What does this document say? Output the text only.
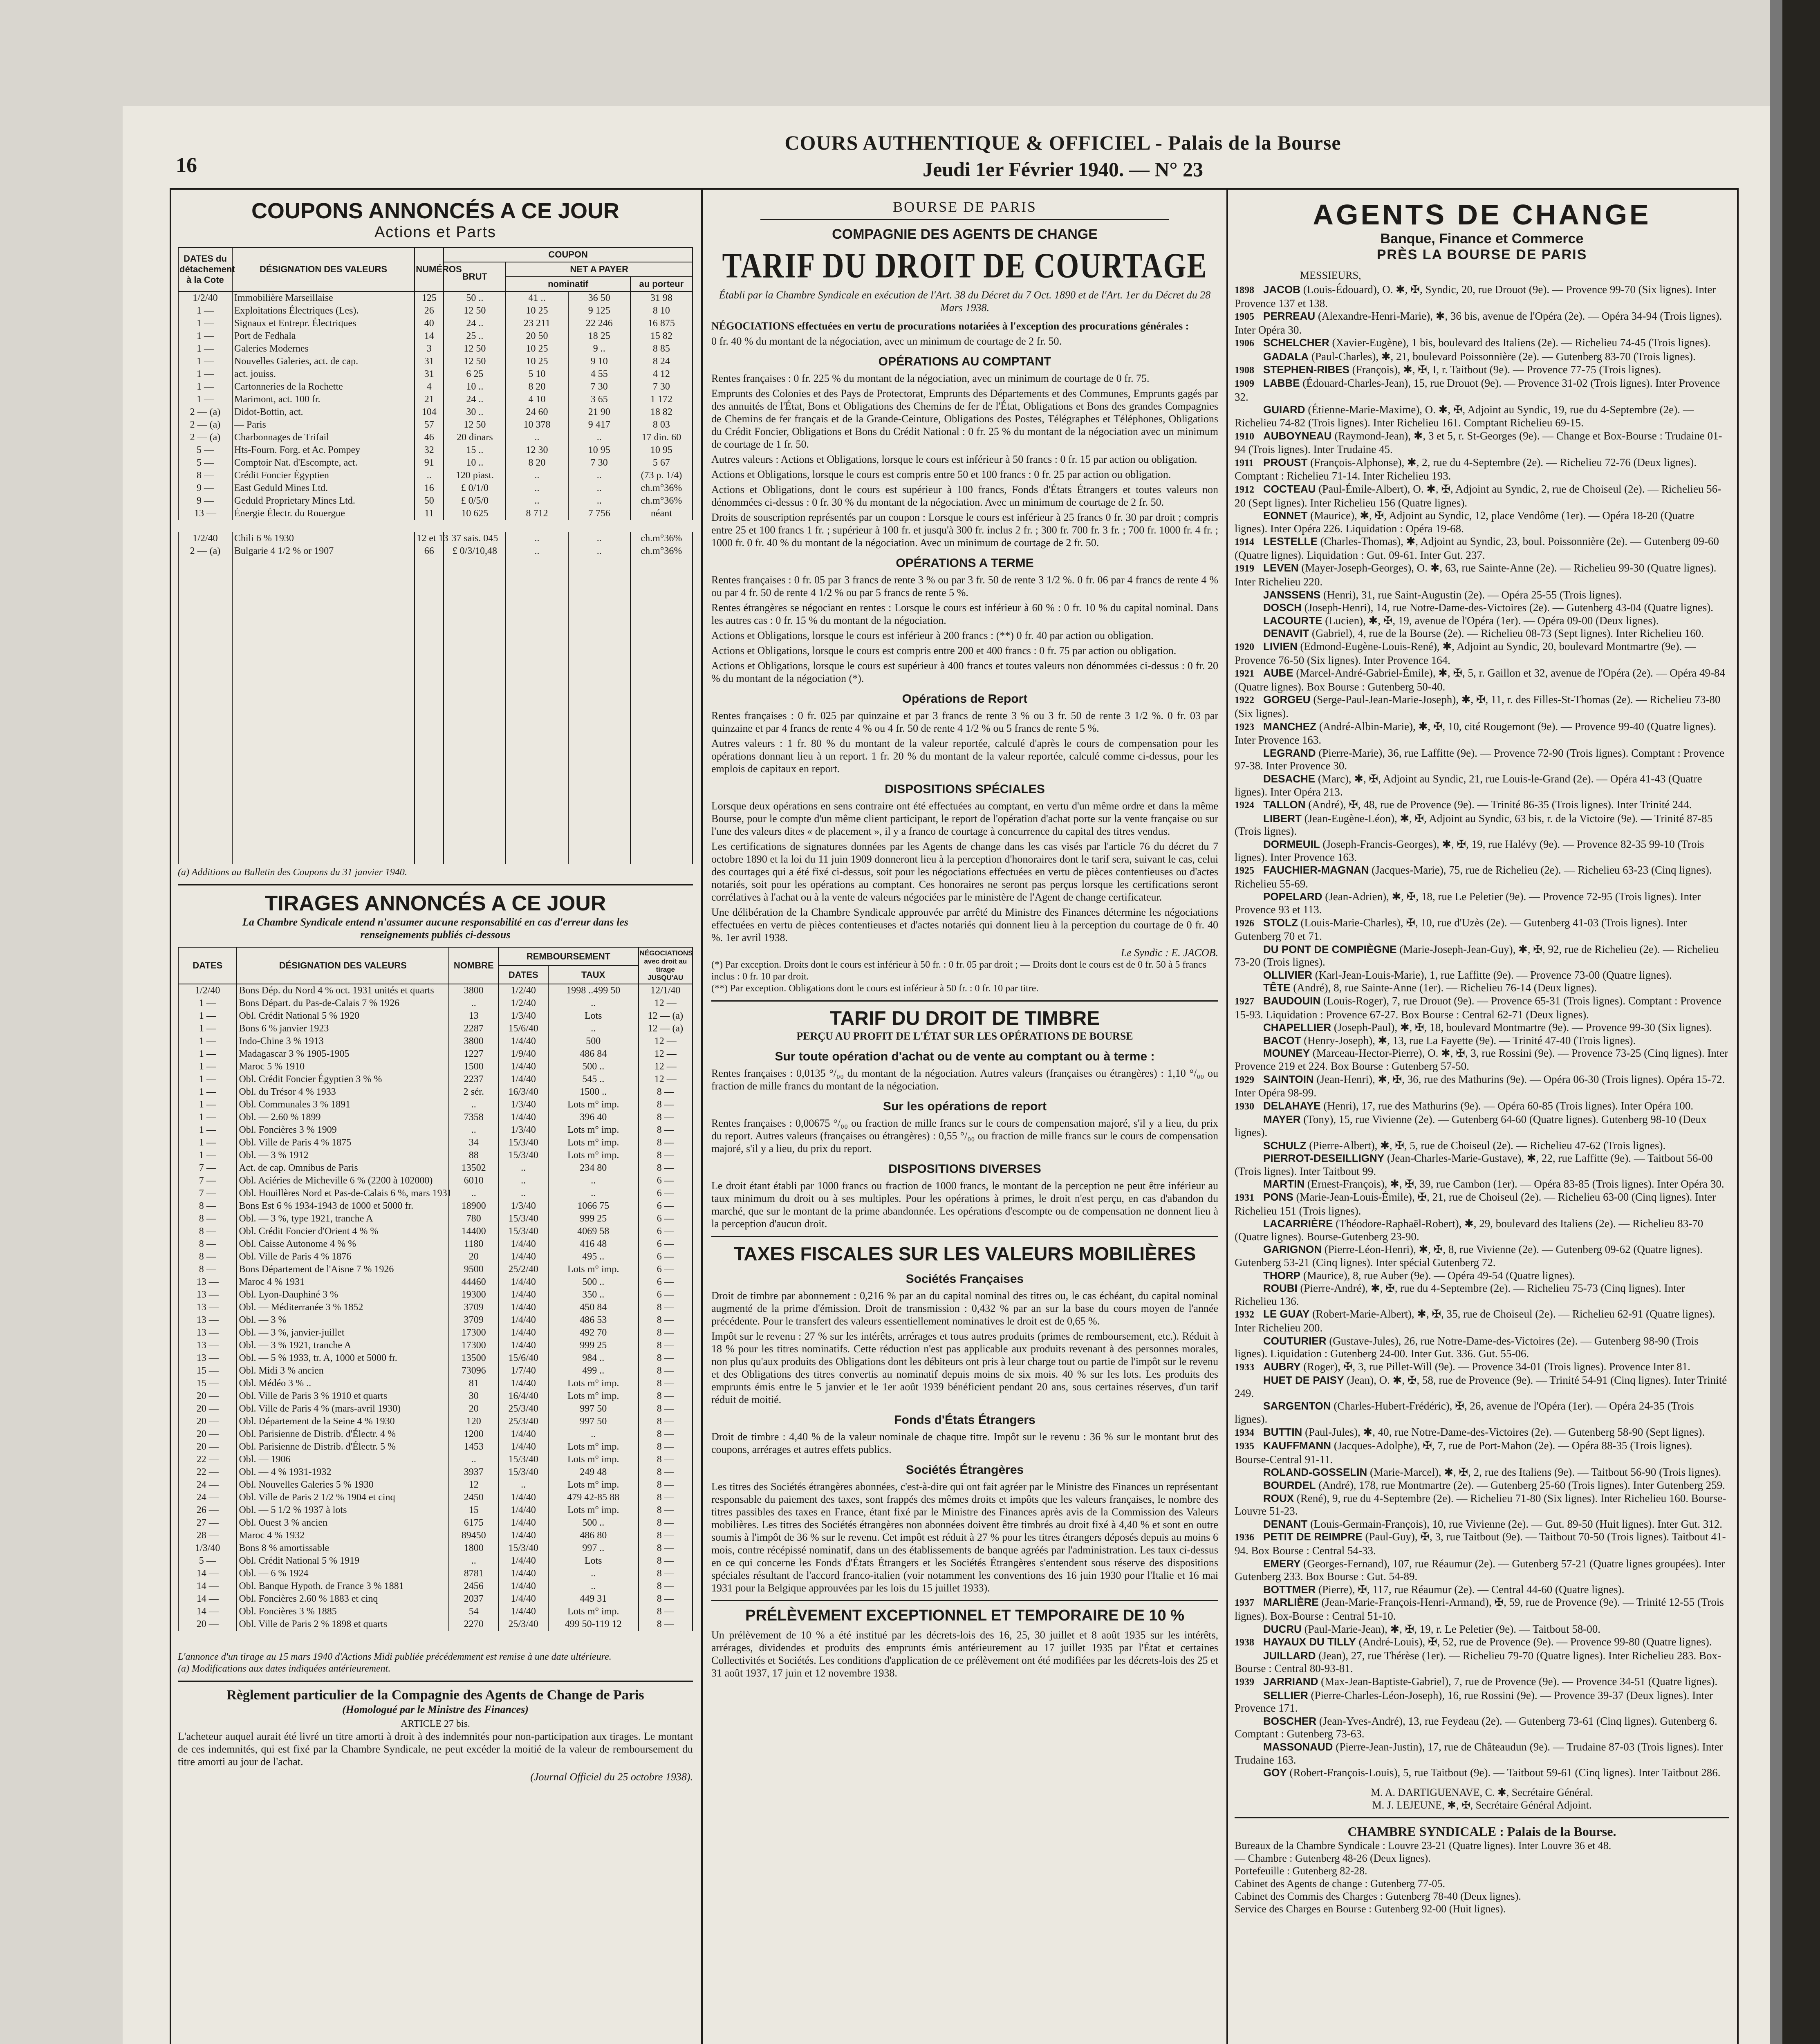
16
COURS AUTHENTIQUE & OFFICIEL - Palais de la Bourse
Jeudi 1er Février 1940. — N° 23
COUPONS ANNONCÉS A CE JOUR
Actions et Parts
DATES du détachement à la Cote	DÉSIGNATION DES VALEURS	NUMÉROS	COUPON			
			BRUT	NET A PAYER		
				nominatif		au porteur
1/2/40	Immobilière Marseillaise	125	50 ..	41 ..	36 50	31 98
1 —	Exploitations Électriques (Les).	26	12 50	10 25	9 125	8 10
1 —	Signaux et Entrepr. Électriques	40	24 ..	23 211	22 246	16 875
1 —	Port de Fedhala	14	25 ..	20 50	18 25	15 82
1 —	Galeries Modernes	3	12 50	10 25	9 ..	8 85
1 —	Nouvelles Galeries, act. de cap.	31	12 50	10 25	9 10	8 24
1 —	act. jouiss.	31	6 25	5 10	4 55	4 12
1 —	Cartonneries de la Rochette	4	10 ..	8 20	7 30	7 30
1 —	Marimont, act. 100 fr.	21	24 ..	4 10	3 65	1 172
2 — (a)	Didot-Bottin, act.	104	30 ..	24 60	21 90	18 82
2 — (a)	— Paris	57	12 50	10 378	9 417	8 03
2 — (a)	Charbonnages de Trifail	46	20 dinars	..	..	17 din. 60
5 —	Hts-Fourn. Forg. et Ac. Pompey	32	15 ..	12 30	10 95	10 95
5 —	Comptoir Nat. d'Escompte, act.	91	10 ..	8 20	7 30	5 67
8 —	Crédit Foncier Égyptien	..	120 piast.	..	..	(73 p. 1/4)
9 —	East Geduld Mines Ltd.	16	£ 0/1/0	..	..	ch.m°36%
9 —	Geduld Proprietary Mines Ltd.	50	£ 0/5/0	..	..	ch.m°36%
13 —	Énergie Électr. du Rouergue	11	10 625	8 712	7 756	néant
1/2/40	Chili 6 % 1930	12 et 13	37 sais. 045	..	..	ch.m°36%
2 — (a)	Bulgarie 4 1/2 % or 1907	66	£ 0/3/10,48	..	..	ch.m°36%

(a) Additions au Bulletin des Coupons du 31 janvier 1940.
TIRAGES ANNONCÉS A CE JOUR
La Chambre Syndicale entend n'assumer aucune responsabilité en cas d'erreur dans les renseignements publiés ci-dessous
DATES	DÉSIGNATION DES VALEURS	NOMBRE	REMBOURSEMENT		NÉGOCIATIONS avec droit au tirage JUSQU'AU
			DATES	TAUX	
1/2/40	Bons Dép. du Nord 4 % oct. 1931 unités et quarts	3800	1/2/40	1998 ..499 50	12/1/40
1 —	Bons Départ. du Pas-de-Calais 7 % 1926	..	1/2/40	..	12 —
1 —	Obl. Crédit National 5 % 1920	13	1/3/40	Lots	12 — (a)
1 —	Bons 6 % janvier 1923	2287	15/6/40	..	12 — (a)
1 —	Indo-Chine 3 % 1913	3800	1/4/40	500	12 —
1 —	Madagascar 3 % 1905-1905	1227	1/9/40	486 84	12 —
1 —	Maroc 5 % 1910	1500	1/4/40	500 ..	12 —
1 —	Obl. Crédit Foncier Égyptien 3 % %	2237	1/4/40	545 ..	12 —
1 —	Obl. du Trésor 4 % 1933	2 sér.	16/3/40	1500 ..	8 —
1 —	Obl. Communales 3 % 1891	..	1/3/40	Lots m° imp.	8 —
1 —	Obl. — 2.60 % 1899	7358	1/4/40	396 40	8 —
1 —	Obl. Foncières 3 % 1909	..	1/3/40	Lots m° imp.	8 —
1 —	Obl. Ville de Paris 4 % 1875	34	15/3/40	Lots m° imp.	8 —
1 —	Obl. — 3 % 1912	88	15/3/40	Lots m° imp.	8 —
7 —	Act. de cap. Omnibus de Paris	13502	..	234 80	8 —
7 —	Obl. Aciéries de Micheville 6 % (2200 à 102000)	6010	..	..	6 —
7 —	Obl. Houillères Nord et Pas-de-Calais 6 %, mars 1931	..	..	..	6 —
8 —	Bons Est 6 % 1934-1943 de 1000 et 5000 fr.	18900	1/3/40	1066 75	6 —
8 —	Obl. — 3 %, type 1921, tranche A	780	15/3/40	999 25	6 —
8 —	Obl. Crédit Foncier d'Orient 4 % %	14400	15/3/40	4069 58	6 —
8 —	Obl. Caisse Autonome 4 % %	1180	1/4/40	416 48	6 —
8 —	Obl. Ville de Paris 4 % 1876	20	1/4/40	495 ..	6 —
8 —	Bons Département de l'Aisne 7 % 1926	9500	25/2/40	Lots m° imp.	6 —
13 —	Maroc 4 % 1931	44460	1/4/40	500 ..	6 —
13 —	Obl. Lyon-Dauphiné 3 %	19300	1/4/40	350 ..	6 —
13 —	Obl. — Méditerranée 3 % 1852	3709	1/4/40	450 84	8 —
13 —	Obl. — 3 %	3709	1/4/40	486 53	8 —
13 —	Obl. — 3 %, janvier-juillet	17300	1/4/40	492 70	8 —
13 —	Obl. — 3 % 1921, tranche A	17300	1/4/40	999 25	8 —
13 —	Obl. — 5 % 1933, tr. A, 1000 et 5000 fr.	13500	15/6/40	984 ..	8 —
15 —	Obl. Midi 3 % ancien	73096	1/7/40	499 ..	8 —
15 —	Obl. Médéo 3 % ..	81	1/4/40	Lots m° imp.	8 —
20 —	Obl. Ville de Paris 3 % 1910 et quarts	30	16/4/40	Lots m° imp.	8 —
20 —	Obl. Ville de Paris 4 % (mars-avril 1930)	20	25/3/40	997 50	8 —
20 —	Obl. Département de la Seine 4 % 1930	120	25/3/40	997 50	8 —
20 —	Obl. Parisienne de Distrib. d'Électr. 4 %	1200	1/4/40	..	8 —
20 —	Obl. Parisienne de Distrib. d'Électr. 5 %	1453	1/4/40	Lots m° imp.	8 —
22 —	Obl. — 1906	..	15/3/40	Lots m° imp.	8 —
22 —	Obl. — 4 % 1931-1932	3937	15/3/40	249 48	8 —
24 —	Obl. Nouvelles Galeries 5 % 1930	12	..	Lots m° imp.	8 —
24 —	Obl. Ville de Paris 2 1/2 % 1904 et cinq	2450	1/4/40	479 42-85 88	8 —
26 —	Obl. — 5 1/2 % 1937 à lots	15	1/4/40	Lots m° imp.	8 —
27 —	Obl. Ouest 3 % ancien	6175	1/4/40	500 ..	8 —
28 —	Maroc 4 % 1932	89450	1/4/40	486 80	8 —
1/3/40	Bons 8 % amortissable	1800	15/3/40	997 ..	8 —
5 —	Obl. Crédit National 5 % 1919	..	1/4/40	Lots	8 —
14 —	Obl. — 6 % 1924	8781	1/4/40	..	8 —
14 —	Obl. Banque Hypoth. de France 3 % 1881	2456	1/4/40	..	8 —
14 —	Obl. Foncières 2.60 % 1883 et cinq	2037	1/4/40	449 31	8 —
14 —	Obl. Foncières 3 % 1885	54	1/4/40	Lots m° imp.	8 —
20 —	Obl. Ville de Paris 2 % 1898 et quarts	2270	25/3/40	499 50-119 12	8 —
L'annonce d'un tirage au 15 mars 1940 d'Actions Midi publiée précédemment est remise à une date ultérieure.
(a) Modifications aux dates indiquées antérieurement.
Règlement particulier de la Compagnie des Agents de Change de Paris
(Homologué par le Ministre des Finances)
ARTICLE 27 bis.

L'acheteur auquel aurait été livré un titre amorti à droit à des indemnités pour non-participation aux tirages. Le montant de ces indemnités, qui est fixé par la Chambre Syndicale, ne peut excéder la moitié de la valeur de remboursement du titre amorti au jour de l'achat.

(Journal Officiel du 25 octobre 1938).
BOURSE DE PARIS
COMPAGNIE DES AGENTS DE CHANGE
TARIF DU DROIT DE COURTAGE
Établi par la Chambre Syndicale en exécution de l'Art. 38 du Décret du 7 Oct. 1890 et de l'Art. 1er du Décret du 28 Mars 1938.

NÉGOCIATIONS effectuées en vertu de procurations notariées à l'exception des procurations générales :

0 fr. 40 % du montant de la négociation, avec un minimum de courtage de 2 fr. 50.

OPÉRATIONS AU COMPTANT

Rentes françaises : 0 fr. 225 % du montant de la négociation, avec un minimum de courtage de 0 fr. 75.

Emprunts des Colonies et des Pays de Protectorat, Emprunts des Départements et des Communes, Emprunts gagés par des annuités de l'État, Bons et Obligations des Chemins de fer de l'État, Obligations et Bons des grandes Compagnies de Chemins de fer français et de la Grande-Ceinture, Obligations des Postes, Télégraphes et Téléphones, Obligations du Crédit Foncier, Obligations et Bons du Crédit National : 0 fr. 25 % du montant de la négociation avec un minimum de courtage de 1 fr. 50.

Autres valeurs : Actions et Obligations, lorsque le cours est inférieur à 50 francs : 0 fr. 15 par action ou obligation.

Actions et Obligations, lorsque le cours est compris entre 50 et 100 francs : 0 fr. 25 par action ou obligation.

Actions et Obligations, dont le cours est supérieur à 100 francs, Fonds d'États Étrangers et toutes valeurs non dénommées ci-dessus : 0 fr. 30 % du montant de la négociation. Avec un minimum de courtage de 2 fr. 50.

Droits de souscription représentés par un coupon : Lorsque le cours est inférieur à 25 francs 0 fr. 30 par droit ; compris entre 25 et 100 francs 1 fr. ; supérieur à 100 fr. et jusqu'à 300 fr. inclus 2 fr. ; 300 fr. 700 fr. 3 fr. ; 700 fr. 1000 fr. 4 fr. ; 1000 fr. 0 fr. 40 % du montant de la négociation. Avec un minimum de courtage de 2 fr. 50.

OPÉRATIONS A TERME

Rentes françaises : 0 fr. 05 par 3 francs de rente 3 % ou par 3 fr. 50 de rente 3 1/2 %. 0 fr. 06 par 4 francs de rente 4 % ou par 4 fr. 50 de rente 4 1/2 % ou par 5 francs de rente 5 %.

Rentes étrangères se négociant en rentes : Lorsque le cours est inférieur à 60 % : 0 fr. 10 % du capital nominal. Dans les autres cas : 0 fr. 15 % du montant de la négociation.

Actions et Obligations, lorsque le cours est inférieur à 200 francs : (**) 0 fr. 40 par action ou obligation.

Actions et Obligations, lorsque le cours est compris entre 200 et 400 francs : 0 fr. 75 par action ou obligation.

Actions et Obligations, lorsque le cours est supérieur à 400 francs et toutes valeurs non dénommées ci-dessus : 0 fr. 20 % du montant de la négociation (*).

Opérations de Report

Rentes françaises : 0 fr. 025 par quinzaine et par 3 francs de rente 3 % ou 3 fr. 50 de rente 3 1/2 %. 0 fr. 03 par quinzaine et par 4 francs de rente 4 % ou 4 fr. 50 de rente 4 1/2 % ou 5 francs de rente 5 %.

Autres valeurs : 1 fr. 80 % du montant de la valeur reportée, calculé d'après le cours de compensation pour les opérations donnant lieu à un report. 1 fr. 20 % du montant de la valeur reportée, calculé comme ci-dessus, pour les emplois de capitaux en report.

DISPOSITIONS SPÉCIALES

Lorsque deux opérations en sens contraire ont été effectuées au comptant, en vertu d'un même ordre et dans la même Bourse, pour le compte d'un même client participant, le report de l'opération d'achat porte sur la vente française ou sur l'une des valeurs dites « de placement », il y a franco de courtage à concurrence du capital des titres vendus.

Les certifications de signatures données par les Agents de change dans les cas visés par l'article 76 du décret du 7 octobre 1890 et la loi du 11 juin 1909 donneront lieu à la perception d'honoraires dont le tarif sera, suivant le cas, celui des courtages qui a été fixé ci-dessus, soit pour les négociations effectuées en vertu de pièces contentieuses ou d'actes notariés, soit pour les opérations au comptant. Ces honoraires ne seront pas perçus lorsque les certifications seront corrélatives à l'achat ou à la vente de valeurs négociées par le ministère de l'Agent de change certificateur.

Une délibération de la Chambre Syndicale approuvée par arrêté du Ministre des Finances détermine les négociations effectuées en vertu de pièces contentieuses et d'actes notariés qui donnent lieu à la perception du courtage de 0 fr. 40 %. 1er avril 1938.

Le Syndic : E. JACOB.
(*) Par exception. Droits dont le cours est inférieur à 50 fr. : 0 fr. 05 par droit ; — Droits dont le cours est de 0 fr. 50 à 5 francs inclus : 0 fr. 10 par droit.
(**) Par exception. Obligations dont le cours est inférieur à 50 fr. : 0 fr. 10 par titre.
TARIF DU DROIT DE TIMBRE
PERÇU AU PROFIT DE L'ÉTAT SUR LES OPÉRATIONS DE BOURSE
Sur toute opération d'achat ou de vente au comptant ou à terme :

Rentes françaises : 0,0135 °/₀₀ du montant de la négociation. Autres valeurs (françaises ou étrangères) : 1,10 °/₀₀ ou fraction de mille francs du montant de la négociation.

Sur les opérations de report

Rentes françaises : 0,00675 °/₀₀ ou fraction de mille francs sur le cours de compensation majoré, s'il y a lieu, du prix du report. Autres valeurs (françaises ou étrangères) : 0,55 °/₀₀ ou fraction de mille francs sur le cours de compensation majoré, s'il y a lieu, du prix du report.

DISPOSITIONS DIVERSES

Le droit étant établi par 1000 francs ou fraction de 1000 francs, le montant de la perception ne peut être inférieur au taux minimum du droit ou à ses multiples. Pour les opérations à primes, le droit n'est perçu, en cas d'abandon du marché, que sur le montant de la prime abandonnée. Les opérations d'escompte ou de compensation ne donnent lieu à la perception d'aucun droit.

TAXES FISCALES SUR LES VALEURS MOBILIÈRES
Sociétés Françaises

Droit de timbre par abonnement : 0,216 % par an du capital nominal des titres ou, le cas échéant, du capital nominal augmenté de la prime d'émission. Droit de transmission : 0,432 % par an sur la base du cours moyen de l'année précédente. Pour le transfert des valeurs essentiellement nominatives le droit est de 0,65 %.

Impôt sur le revenu : 27 % sur les intérêts, arrérages et tous autres produits (primes de remboursement, etc.). Réduit à 18 % pour les titres nominatifs. Cette réduction n'est pas applicable aux produits revenant à des personnes morales, non plus qu'aux produits des Obligations dont les débiteurs ont pris à leur charge tout ou partie de l'impôt sur le revenu et des Obligations des titres convertis au nominatif depuis moins de six mois. 40 % sur les lots. Les produits des emprunts émis entre le 5 janvier et le 1er août 1939 bénéficient pendant 20 ans, sous certaines réserves, d'un tarif réduit de moitié.

Fonds d'États Étrangers

Droit de timbre : 4,40 % de la valeur nominale de chaque titre. Impôt sur le revenu : 36 % sur le montant brut des coupons, arrérages et autres effets publics.

Sociétés Étrangères

Les titres des Sociétés étrangères abonnées, c'est-à-dire qui ont fait agréer par le Ministre des Finances un représentant responsable du paiement des taxes, sont frappés des mêmes droits et impôts que les valeurs françaises, le nombre des titres passibles des taxes en France, étant fixé par le Ministre des Finances après avis de la Commission des Valeurs mobilières. Les titres des Sociétés étrangères non abonnées doivent être timbrés au droit fixé à 4,40 % et sont en outre soumis à l'impôt de 36 % sur le revenu. Cet impôt est réduit à 27 % pour les titres étrangers déposés depuis au moins 6 mois, contre récépissé nominatif, dans un des établissements de banque agréés par l'administration. Les taux ci-dessus en ce qui concerne les Fonds d'États Étrangers et les Sociétés Étrangères s'entendent sous réserve des dispositions spéciales résultant de l'accord franco-italien (voir notamment les conventions des 16 juin 1930 pour l'Italie et 16 mai 1931 pour la Belgique approuvées par les lois du 15 juillet 1933).

PRÉLÈVEMENT EXCEPTIONNEL ET TEMPORAIRE DE 10 %

Un prélèvement de 10 % a été institué par les décrets-lois des 16, 25, 30 juillet et 8 août 1935 sur les intérêts, arrérages, dividendes et produits des emprunts émis antérieurement au 17 juillet 1935 par l'État et certaines Collectivités et Sociétés. Les conditions d'application de ce prélèvement ont été modifiées par les décrets-lois des 25 et 31 août 1937, 17 juin et 12 novembre 1938.

AGENTS DE CHANGE
Banque, Finance et Commerce
PRÈS LA BOURSE DE PARIS
MESSIEURS,
1898 JACOB (Louis-Édouard), O. ✱, ✠, Syndic, 20, rue Drouot (9e). — Provence 99-70 (Six lignes). Inter Provence 137 et 138.
1905 PERREAU (Alexandre-Henri-Marie), ✱, 36 bis, avenue de l'Opéra (2e). — Opéra 34-94 (Trois lignes). Inter Opéra 30.
1906 SCHELCHER (Xavier-Eugène), 1 bis, boulevard des Italiens (2e). — Richelieu 74-45 (Trois lignes).
GADALA (Paul-Charles), ✱, 21, boulevard Poissonnière (2e). — Gutenberg 83-70 (Trois lignes).
1908 STEPHEN-RIBES (François), ✱, ✠, I, r. Taitbout (9e). — Provence 77-75 (Trois lignes).
1909 LABBE (Édouard-Charles-Jean), 15, rue Drouot (9e). — Provence 31-02 (Trois lignes). Inter Provence 32.
GUIARD (Étienne-Marie-Maxime), O. ✱, ✠, Adjoint au Syndic, 19, rue du 4-Septembre (2e). — Richelieu 74-82 (Trois lignes). Inter Richelieu 161. Comptant Richelieu 69-15.
1910 AUBOYNEAU (Raymond-Jean), ✱, 3 et 5, r. St-Georges (9e). — Change et Box-Bourse : Trudaine 01-94 (Trois lignes). Inter Trudaine 45.
1911 PROUST (François-Alphonse), ✱, 2, rue du 4-Septembre (2e). — Richelieu 72-76 (Deux lignes). Comptant : Richelieu 71-14. Inter Richelieu 193.
1912 COCTEAU (Paul-Émile-Albert), O. ✱, ✠, Adjoint au Syndic, 2, rue de Choiseul (2e). — Richelieu 56-20 (Sept lignes). Inter Richelieu 156 (Quatre lignes).
EONNET (Maurice), ✱, ✠, Adjoint au Syndic, 12, place Vendôme (1er). — Opéra 18-20 (Quatre lignes). Inter Opéra 226. Liquidation : Opéra 19-68.
1914 LESTELLE (Charles-Thomas), ✱, Adjoint au Syndic, 23, boul. Poissonnière (2e). — Gutenberg 09-60 (Quatre lignes). Liquidation : Gut. 09-61. Inter Gut. 237.
1919 LEVEN (Mayer-Joseph-Georges), O. ✱, 63, rue Sainte-Anne (2e). — Richelieu 99-30 (Quatre lignes). Inter Richelieu 220.
JANSSENS (Henri), 31, rue Saint-Augustin (2e). — Opéra 25-55 (Trois lignes).
DOSCH (Joseph-Henri), 14, rue Notre-Dame-des-Victoires (2e). — Gutenberg 43-04 (Quatre lignes).
LACOURTE (Lucien), ✱, ✠, 19, avenue de l'Opéra (1er). — Opéra 09-00 (Deux lignes).
DENAVIT (Gabriel), 4, rue de la Bourse (2e). — Richelieu 08-73 (Sept lignes). Inter Richelieu 160.
1920 LIVIEN (Edmond-Eugène-Louis-René), ✱, Adjoint au Syndic, 20, boulevard Montmartre (9e). — Provence 76-50 (Six lignes). Inter Provence 164.
1921 AUBE (Marcel-André-Gabriel-Émile), ✱, ✠, 5, r. Gaillon et 32, avenue de l'Opéra (2e). — Opéra 49-84 (Quatre lignes). Box Bourse : Gutenberg 50-40.
1922 GORGEU (Serge-Paul-Jean-Marie-Joseph), ✱, ✠, 11, r. des Filles-St-Thomas (2e). — Richelieu 73-80 (Six lignes).
1923 MANCHEZ (André-Albin-Marie), ✱, ✠, 10, cité Rougemont (9e). — Provence 99-40 (Quatre lignes). Inter Provence 163.
LEGRAND (Pierre-Marie), 36, rue Laffitte (9e). — Provence 72-90 (Trois lignes). Comptant : Provence 97-38. Inter Provence 30.
DESACHE (Marc), ✱, ✠, Adjoint au Syndic, 21, rue Louis-le-Grand (2e). — Opéra 41-43 (Quatre lignes). Inter Opéra 213.
1924 TALLON (André), ✠, 48, rue de Provence (9e). — Trinité 86-35 (Trois lignes). Inter Trinité 244.
LIBERT (Jean-Eugène-Léon), ✱, ✠, Adjoint au Syndic, 63 bis, r. de la Victoire (9e). — Trinité 87-85 (Trois lignes).
DORMEUIL (Joseph-Francis-Georges), ✱, ✠, 19, rue Halévy (9e). — Provence 82-35 99-10 (Trois lignes). Inter Provence 163.
1925 FAUCHIER-MAGNAN (Jacques-Marie), 75, rue de Richelieu (2e). — Richelieu 63-23 (Cinq lignes). Richelieu 55-69.
POPELARD (Jean-Adrien), ✱, ✠, 18, rue Le Peletier (9e). — Provence 72-95 (Trois lignes). Inter Provence 93 et 113.
1926 STOLZ (Louis-Marie-Charles), ✠, 10, rue d'Uzès (2e). — Gutenberg 41-03 (Trois lignes). Inter Gutenberg 70 et 71.
DU PONT DE COMPIÈGNE (Marie-Joseph-Jean-Guy), ✱, ✠, 92, rue de Richelieu (2e). — Richelieu 73-20 (Trois lignes).
OLLIVIER (Karl-Jean-Louis-Marie), 1, rue Laffitte (9e). — Provence 73-00 (Quatre lignes).
TÊTE (André), 8, rue Sainte-Anne (1er). — Richelieu 76-14 (Deux lignes).
1927 BAUDOUIN (Louis-Roger), 7, rue Drouot (9e). — Provence 65-31 (Trois lignes). Comptant : Provence 15-93. Liquidation : Provence 67-27. Box Bourse : Central 62-71 (Deux lignes).
CHAPELLIER (Joseph-Paul), ✱, ✠, 18, boulevard Montmartre (9e). — Provence 99-30 (Six lignes).
BACOT (Henry-Joseph), ✱, 13, rue La Fayette (9e). — Trinité 47-40 (Trois lignes).
MOUNEY (Marceau-Hector-Pierre), O. ✱, ✠, 3, rue Rossini (9e). — Provence 73-25 (Cinq lignes). Inter Provence 219 et 224. Box Bourse : Gutenberg 57-50.
1929 SAINTOIN (Jean-Henri), ✱, ✠, 36, rue des Mathurins (9e). — Opéra 06-30 (Trois lignes). Opéra 15-72. Inter Opéra 98-99.
1930 DELAHAYE (Henri), 17, rue des Mathurins (9e). — Opéra 60-85 (Trois lignes). Inter Opéra 100.
MAYER (Tony), 15, rue Vivienne (2e). — Gutenberg 64-60 (Quatre lignes). Gutenberg 98-10 (Deux lignes).
SCHULZ (Pierre-Albert), ✱, ✠, 5, rue de Choiseul (2e). — Richelieu 47-62 (Trois lignes).
PIERROT-DESEILLIGNY (Jean-Charles-Marie-Gustave), ✱, 22, rue Laffitte (9e). — Taitbout 56-00 (Trois lignes). Inter Taitbout 99.
MARTIN (Ernest-François), ✱, ✠, 39, rue Cambon (1er). — Opéra 83-85 (Trois lignes). Inter Opéra 30.
1931 PONS (Marie-Jean-Louis-Émile), ✠, 21, rue de Choiseul (2e). — Richelieu 63-00 (Cinq lignes). Inter Richelieu 151 (Trois lignes).
LACARRIÈRE (Théodore-Raphaël-Robert), ✱, 29, boulevard des Italiens (2e). — Richelieu 83-70 (Quatre lignes). Bourse-Gutenberg 23-90.
GARIGNON (Pierre-Léon-Henri), ✱, ✠, 8, rue Vivienne (2e). — Gutenberg 09-62 (Quatre lignes). Gutenberg 53-21 (Cinq lignes). Inter spécial Gutenberg 72.
THORP (Maurice), 8, rue Auber (9e). — Opéra 49-54 (Quatre lignes).
ROUBI (Pierre-André), ✱, ✠, rue du 4-Septembre (2e). — Richelieu 75-73 (Cinq lignes). Inter Richelieu 136.
1932 LE GUAY (Robert-Marie-Albert), ✱, ✠, 35, rue de Choiseul (2e). — Richelieu 62-91 (Quatre lignes). Inter Richelieu 200.
COUTURIER (Gustave-Jules), 26, rue Notre-Dame-des-Victoires (2e). — Gutenberg 98-90 (Trois lignes). Liquidation : Gutenberg 24-00. Inter Gut. 336. Gut. 55-06.
1933 AUBRY (Roger), ✠, 3, rue Pillet-Will (9e). — Provence 34-01 (Trois lignes). Provence Inter 81.
HUET DE PAISY (Jean), O. ✱, ✠, 58, rue de Provence (9e). — Trinité 54-91 (Cinq lignes). Inter Trinité 249.
SARGENTON (Charles-Hubert-Frédéric), ✠, 26, avenue de l'Opéra (1er). — Opéra 24-35 (Trois lignes).
1934 BUTTIN (Paul-Jules), ✱, 40, rue Notre-Dame-des-Victoires (2e). — Gutenberg 58-90 (Sept lignes).
1935 KAUFFMANN (Jacques-Adolphe), ✠, 7, rue de Port-Mahon (2e). — Opéra 88-35 (Trois lignes). Bourse-Central 91-11.
ROLAND-GOSSELIN (Marie-Marcel), ✱, ✠, 2, rue des Italiens (9e). — Taitbout 56-90 (Trois lignes).
BOURDEL (André), 178, rue Montmartre (2e). — Gutenberg 25-60 (Trois lignes). Inter Gutenberg 259.
ROUX (René), 9, rue du 4-Septembre (2e). — Richelieu 71-80 (Six lignes). Inter Richelieu 160. Bourse-Louvre 51-23.
DENANT (Louis-Germain-François), 10, rue Vivienne (2e). — Gut. 89-50 (Huit lignes). Inter Gut. 312.
1936 PETIT DE REIMPRE (Paul-Guy), ✠, 3, rue Taitbout (9e). — Taitbout 70-50 (Trois lignes). Taitbout 41-94. Box Bourse : Central 54-33.
EMERY (Georges-Fernand), 107, rue Réaumur (2e). — Gutenberg 57-21 (Quatre lignes groupées). Inter Gutenberg 233. Box Bourse : Gut. 54-89.
BOTTMER (Pierre), ✠, 117, rue Réaumur (2e). — Central 44-60 (Quatre lignes).
1937 MARLIÈRE (Jean-Marie-François-Henri-Armand), ✠, 59, rue de Provence (9e). — Trinité 12-55 (Trois lignes). Box-Bourse : Central 51-10.
DUCRU (Paul-Marie-Jean), ✱, ✠, 19, r. Le Peletier (9e). — Taitbout 58-00.
1938 HAYAUX DU TILLY (André-Louis), ✠, 52, rue de Provence (9e). — Provence 99-80 (Quatre lignes).
JUILLARD (Jean), 27, rue Thérèse (1er). — Richelieu 79-70 (Quatre lignes). Inter Richelieu 283. Box-Bourse : Central 80-93-81.
1939 JARRIAND (Max-Jean-Baptiste-Gabriel), 7, rue de Provence (9e). — Provence 34-51 (Quatre lignes).
SELLIER (Pierre-Charles-Léon-Joseph), 16, rue Rossini (9e). — Provence 39-37 (Deux lignes). Inter Provence 171.
BOSCHER (Jean-Yves-André), 13, rue Feydeau (2e). — Gutenberg 73-61 (Cinq lignes). Gutenberg 6. Comptant : Gutenberg 73-63.
MASSONAUD (Pierre-Jean-Justin), 17, rue de Châteaudun (9e). — Trudaine 87-03 (Trois lignes). Inter Trudaine 163.
GOY (Robert-François-Louis), 5, rue Taitbout (9e). — Taitbout 59-61 (Cinq lignes). Inter Taitbout 286.
M. A. DARTIGUENAVE, C. ✱, Secrétaire Général.
M. J. LEJEUNE, ✱, ✠, Secrétaire Général Adjoint.
CHAMBRE SYNDICALE : Palais de la Bourse.
Bureaux de la Chambre Syndicale : Louvre 23-21 (Quatre lignes). Inter Louvre 36 et 48.
— Chambre : Gutenberg 48-26 (Deux lignes).
Portefeuille : Gutenberg 82-28.
Cabinet des Agents de change : Gutenberg 77-05.
Cabinet des Commis des Charges : Gutenberg 78-40 (Deux lignes).
Service des Charges en Bourse : Gutenberg 92-00 (Huit lignes).
